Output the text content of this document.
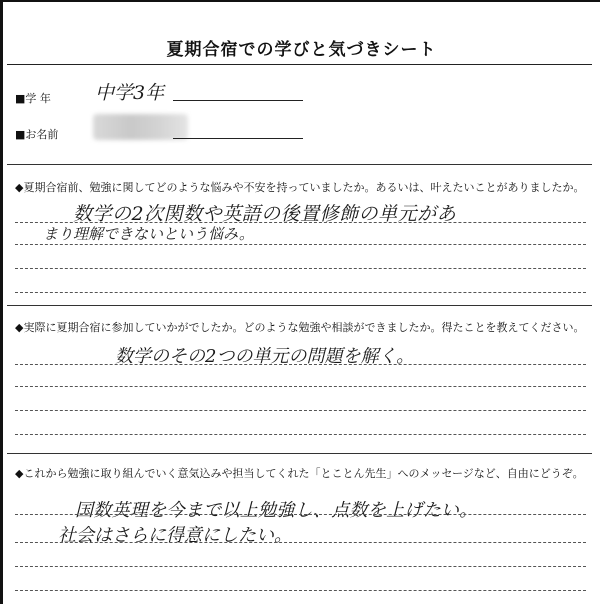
夏期合宿での学びと気づきシート
■学 年 中学3年
■お名前
◆夏期合宿前、勉強に関してどのような悩みや不安を持っていましたか。あるいは、叶えたいことがありましたか。
数学の2次関数や英語の後置修飾の単元があ
まり理解できないという悩み。
◆実際に夏期合宿に参加していかがでしたか。どのような勉強や相談ができましたか。得たことを教えてください。
数学のその2つの単元の問題を解く。
◆これから勉強に取り組んでいく意気込みや担当してくれた「とことん先生」へのメッセージなど、自由にどうぞ。
国数英理を今まで以上勉強し、点数を上げたい。
社会はさらに得意にしたい。
